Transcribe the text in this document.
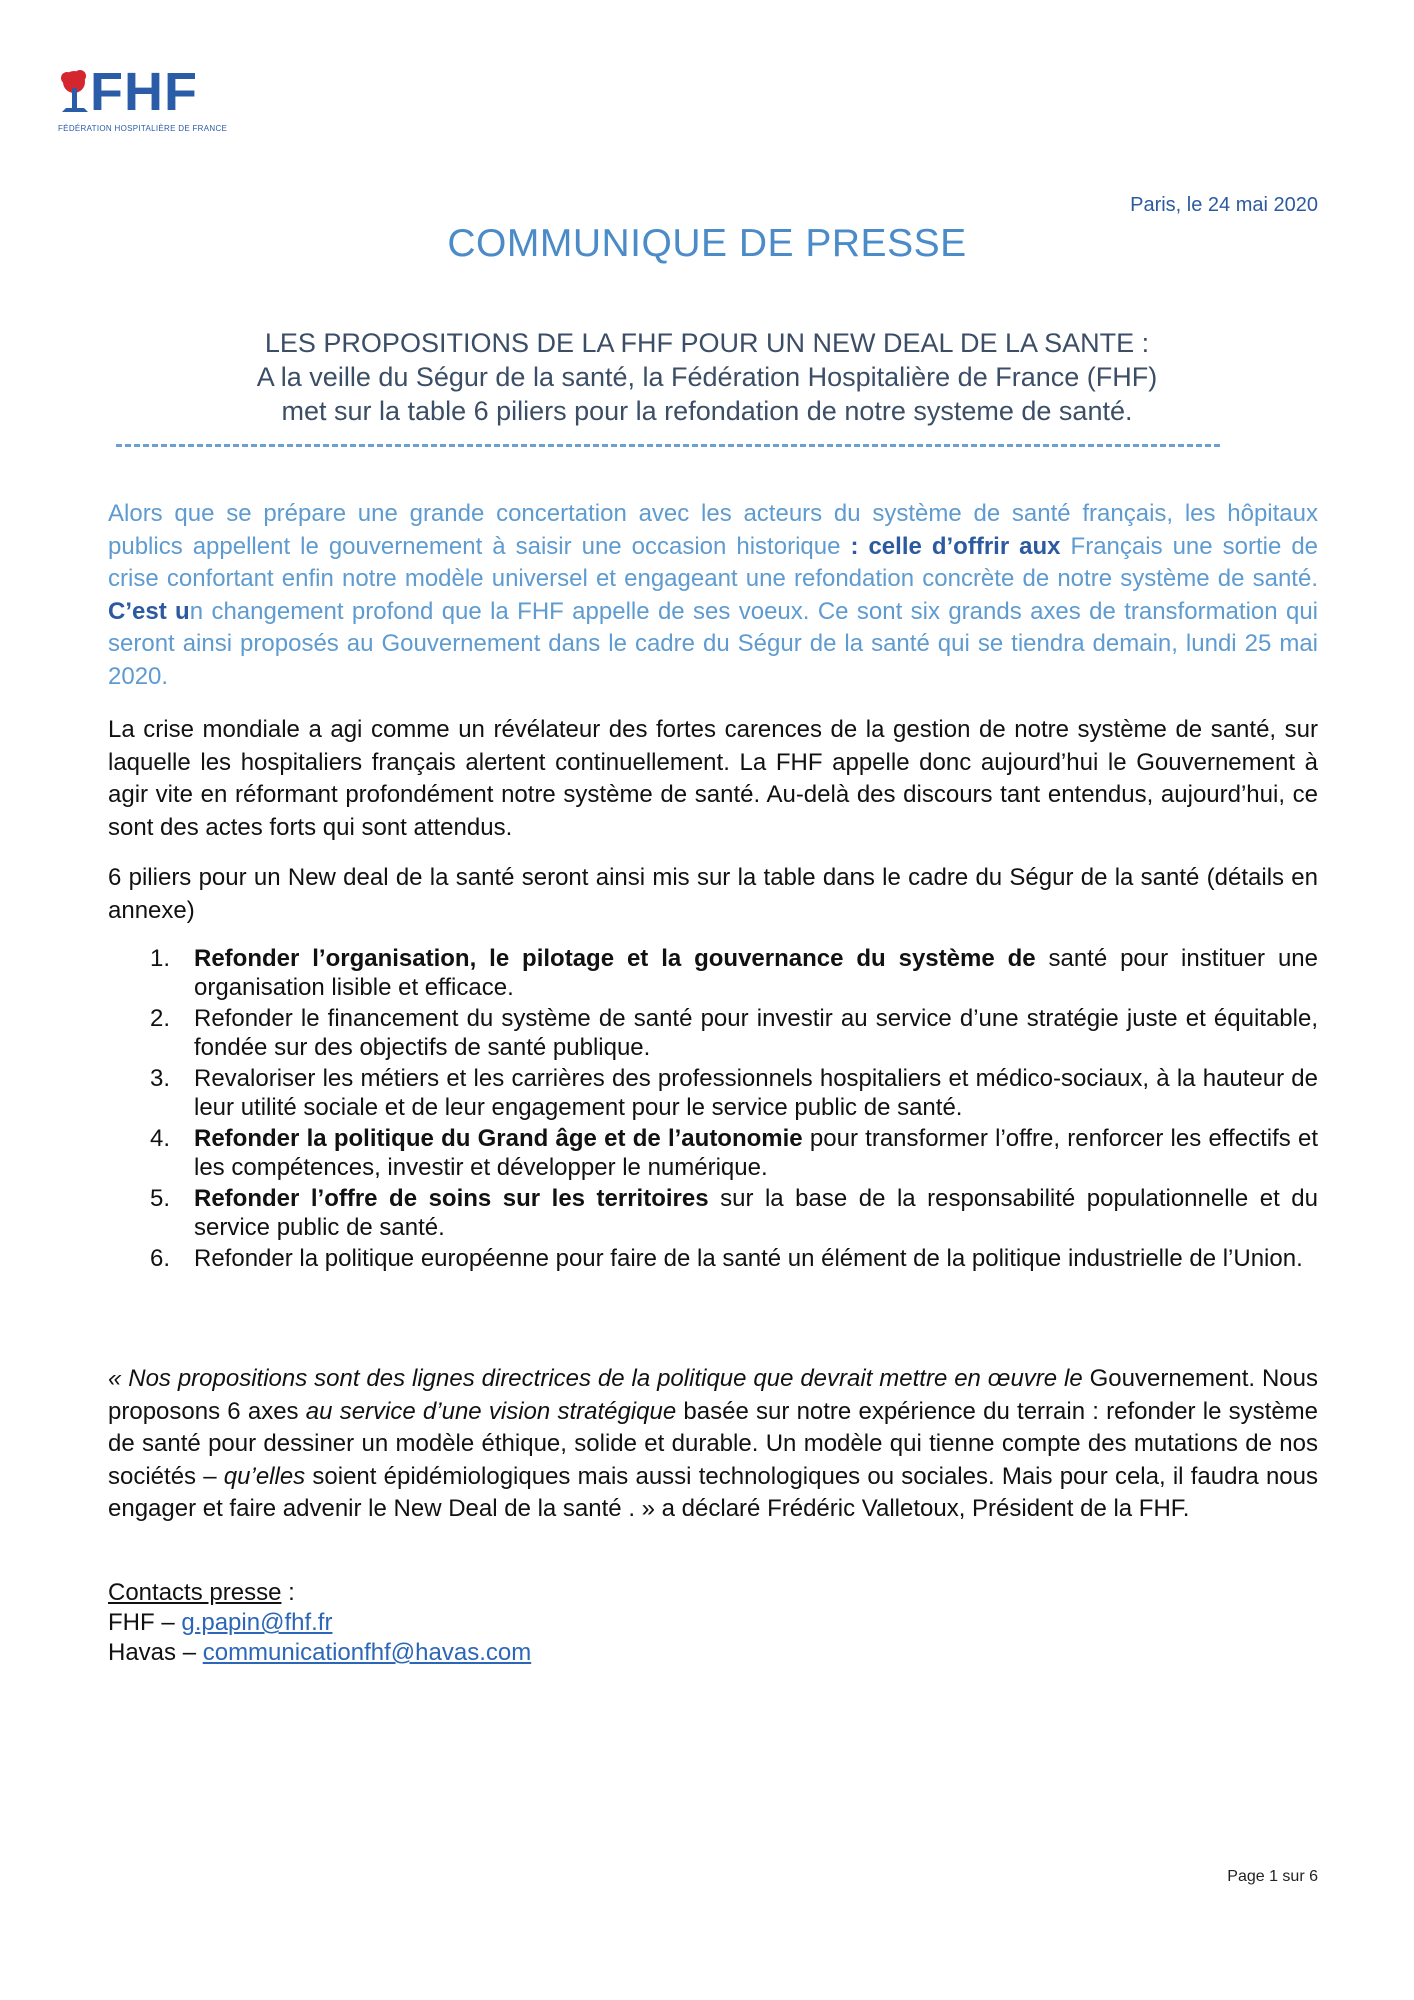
FHF
FÉDÉRATION HOSPITALIÈRE DE FRANCE
Paris, le 24 mai 2020
COMMUNIQUE DE PRESSE
LES PROPOSITIONS DE LA FHF POUR UN NEW DEAL DE LA SANTE :
A la veille du Ségur de la santé, la Fédération Hospitalière de France (FHF)
met sur la table 6 piliers pour la refondation de notre systeme de santé.
Alors que se prépare une grande concertation avec les acteurs du système de santé français, les hôpitaux publics appellent le gouvernement à saisir une occasion historique : celle d’offrir aux Français une sortie de crise confortant enfin notre modèle universel et engageant une refondation concrète de notre système de santé. C’est un changement profond que la FHF appelle de ses voeux. Ce sont six grands axes de transformation qui seront ainsi proposés au Gouvernement dans le cadre du Ségur de la santé qui se tiendra demain, lundi 25 mai 2020.
La crise mondiale a agi comme un révélateur des fortes carences de la gestion de notre système de santé, sur laquelle les hospitaliers français alertent continuellement. La FHF appelle donc aujourd’hui le Gouvernement à agir vite en réformant profondément notre système de santé. Au-delà des discours tant entendus, aujourd’hui, ce sont des actes forts qui sont attendus.
6 piliers pour un New deal de la santé seront ainsi mis sur la table dans le cadre du Ségur de la santé (détails en annexe)
1. Refonder l’organisation, le pilotage et la gouvernance du système de santé pour instituer une organisation lisible et efficace.
2. Refonder le financement du système de santé pour investir au service d’une stratégie juste et équitable, fondée sur des objectifs de santé publique.
3. Revaloriser les métiers et les carrières des professionnels hospitaliers et médico-sociaux, à la hauteur de leur utilité sociale et de leur engagement pour le service public de santé.
4. Refonder la politique du Grand âge et de l’autonomie pour transformer l’offre, renforcer les effectifs et les compétences, investir et développer le numérique.
5. Refonder l’offre de soins sur les territoires sur la base de la responsabilité populationnelle et du service public de santé.
6. Refonder la politique européenne pour faire de la santé un élément de la politique industrielle de l’Union.
« Nos propositions sont des lignes directrices de la politique que devrait mettre en œuvre le Gouvernement. Nous proposons 6 axes au service d’une vision stratégique basée sur notre expérience du terrain : refonder le système de santé pour dessiner un modèle éthique, solide et durable. Un modèle qui tienne compte des mutations de nos sociétés – qu’elles soient épidémiologiques mais aussi technologiques ou sociales. Mais pour cela, il faudra nous engager et faire advenir le New Deal de la santé . » a déclaré Frédéric Valletoux, Président de la FHF.
Contacts presse :
FHF – g.papin@fhf.fr
Havas – communicationfhf@havas.com
Page 1 sur 6
